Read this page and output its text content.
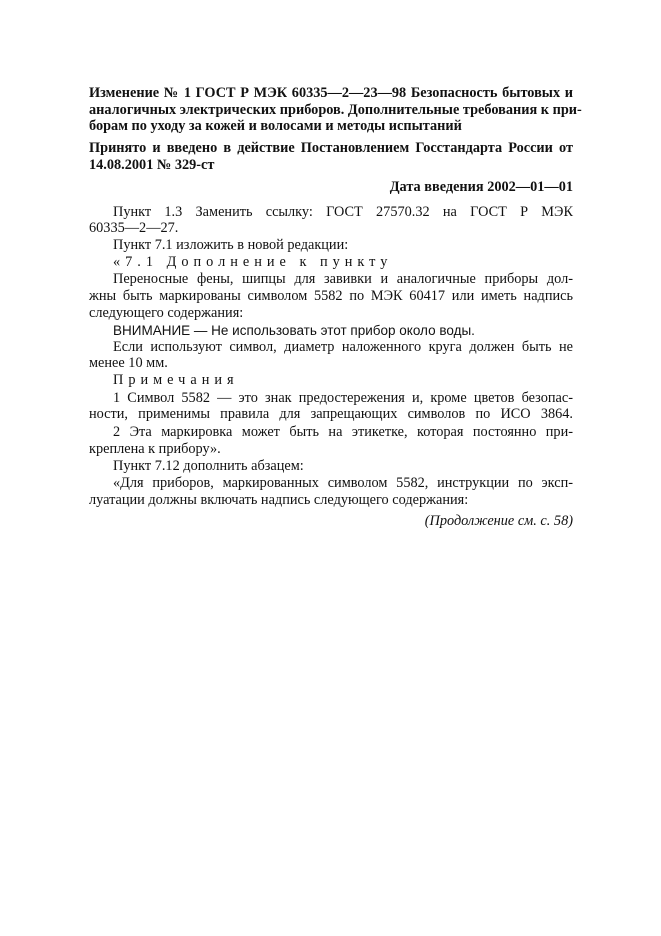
Изменение № 1 ГОСТ Р МЭК 60335—2—23—98 Безопасность бытовых и
аналогичных электрических приборов. Дополнительные требования к при-
борам по уходу за кожей и волосами и методы испытаний
Принято и введено в действие Постановлением Госстандарта России от
14.08.2001 № 329-ст
Дата введения 2002—01—01
Пункт 1.3 Заменить ссылку: ГОСТ 27570.32 на ГОСТ Р МЭК
60335—2—27.
Пункт 7.1 изложить в новой редакции:
«7.1 Дополнение к пункту
Переносные фены, шипцы для завивки и аналогичные приборы дол-
жны быть маркированы символом 5582 по МЭК 60417 или иметь надпись
следующего содержания:
ВНИМАНИЕ — Не использовать этот прибор около воды.
Если используют символ, диаметр наложенного круга должен быть не
менее 10 мм.
Примечания
1 Символ 5582 — это знак предостережения и, кроме цветов безопас-
ности, применимы правила для запрещающих символов по ИСО 3864.
2 Эта маркировка может быть на этикетке, которая постоянно при-
креплена к прибору».
Пункт 7.12 дополнить абзацем:
«Для приборов, маркированных символом 5582, инструкции по эксп-
луатации должны включать надпись следующего содержания:
(Продолжение см. с. 58)
